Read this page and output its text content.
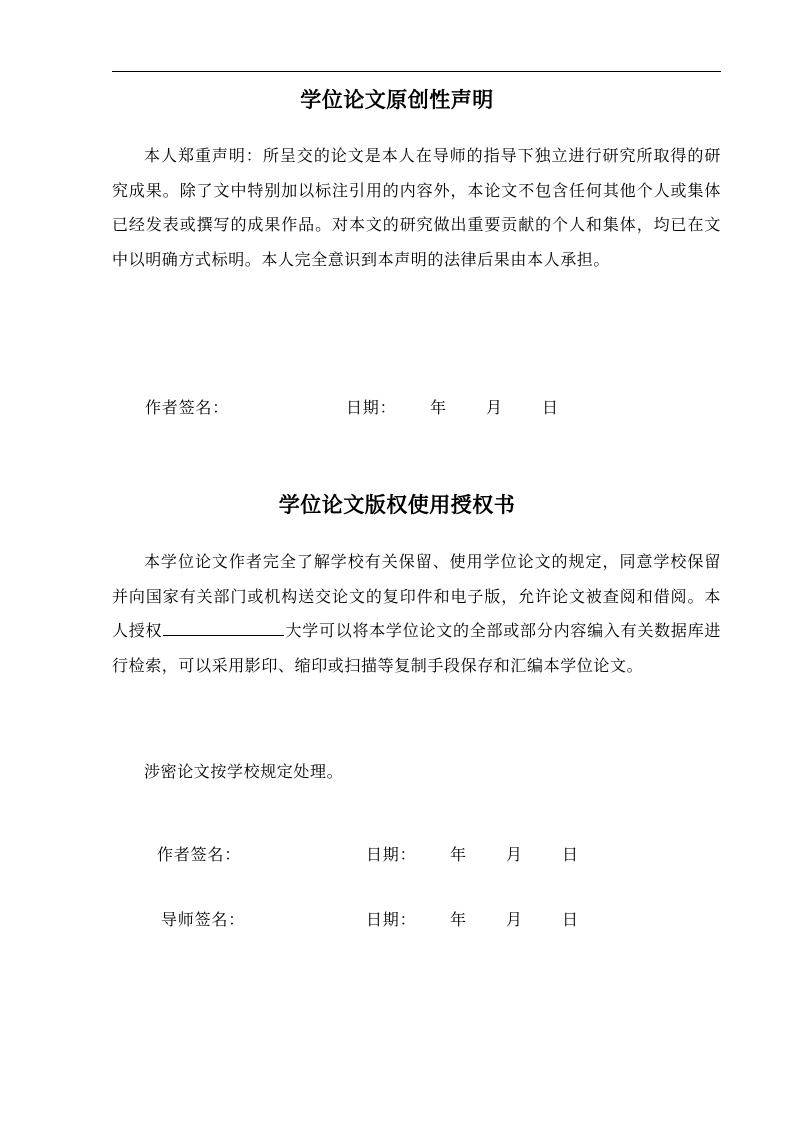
学位论文原创性声明
本人郑重声明：所呈交的论文是本人在导师的指导下独立进行研究所取得的研究成果。除了文中特别加以标注引用的内容外，本论文不包含任何其他个人或集体已经发表或撰写的成果作品。对本文的研究做出重要贡献的个人和集体，均已在文中以明确方式标明。本人完全意识到本声明的法律后果由本人承担。
作者签名：	日期： 年 月 日
学位论文版权使用授权书
本学位论文作者完全了解学校有关保留、使用学位论文的规定，同意学校保留并向国家有关部门或机构送交论文的复印件和电子版，允许论文被查阅和借阅。本人授权	大学可以将本学位论文的全部或部分内容编入有关数据库进行检索，可以采用影印、缩印或扫描等复制手段保存和汇编本学位论文。
涉密论文按学校规定处理。
作者签名：	日期： 年 月 日
导师签名：	日期： 年 月 日
